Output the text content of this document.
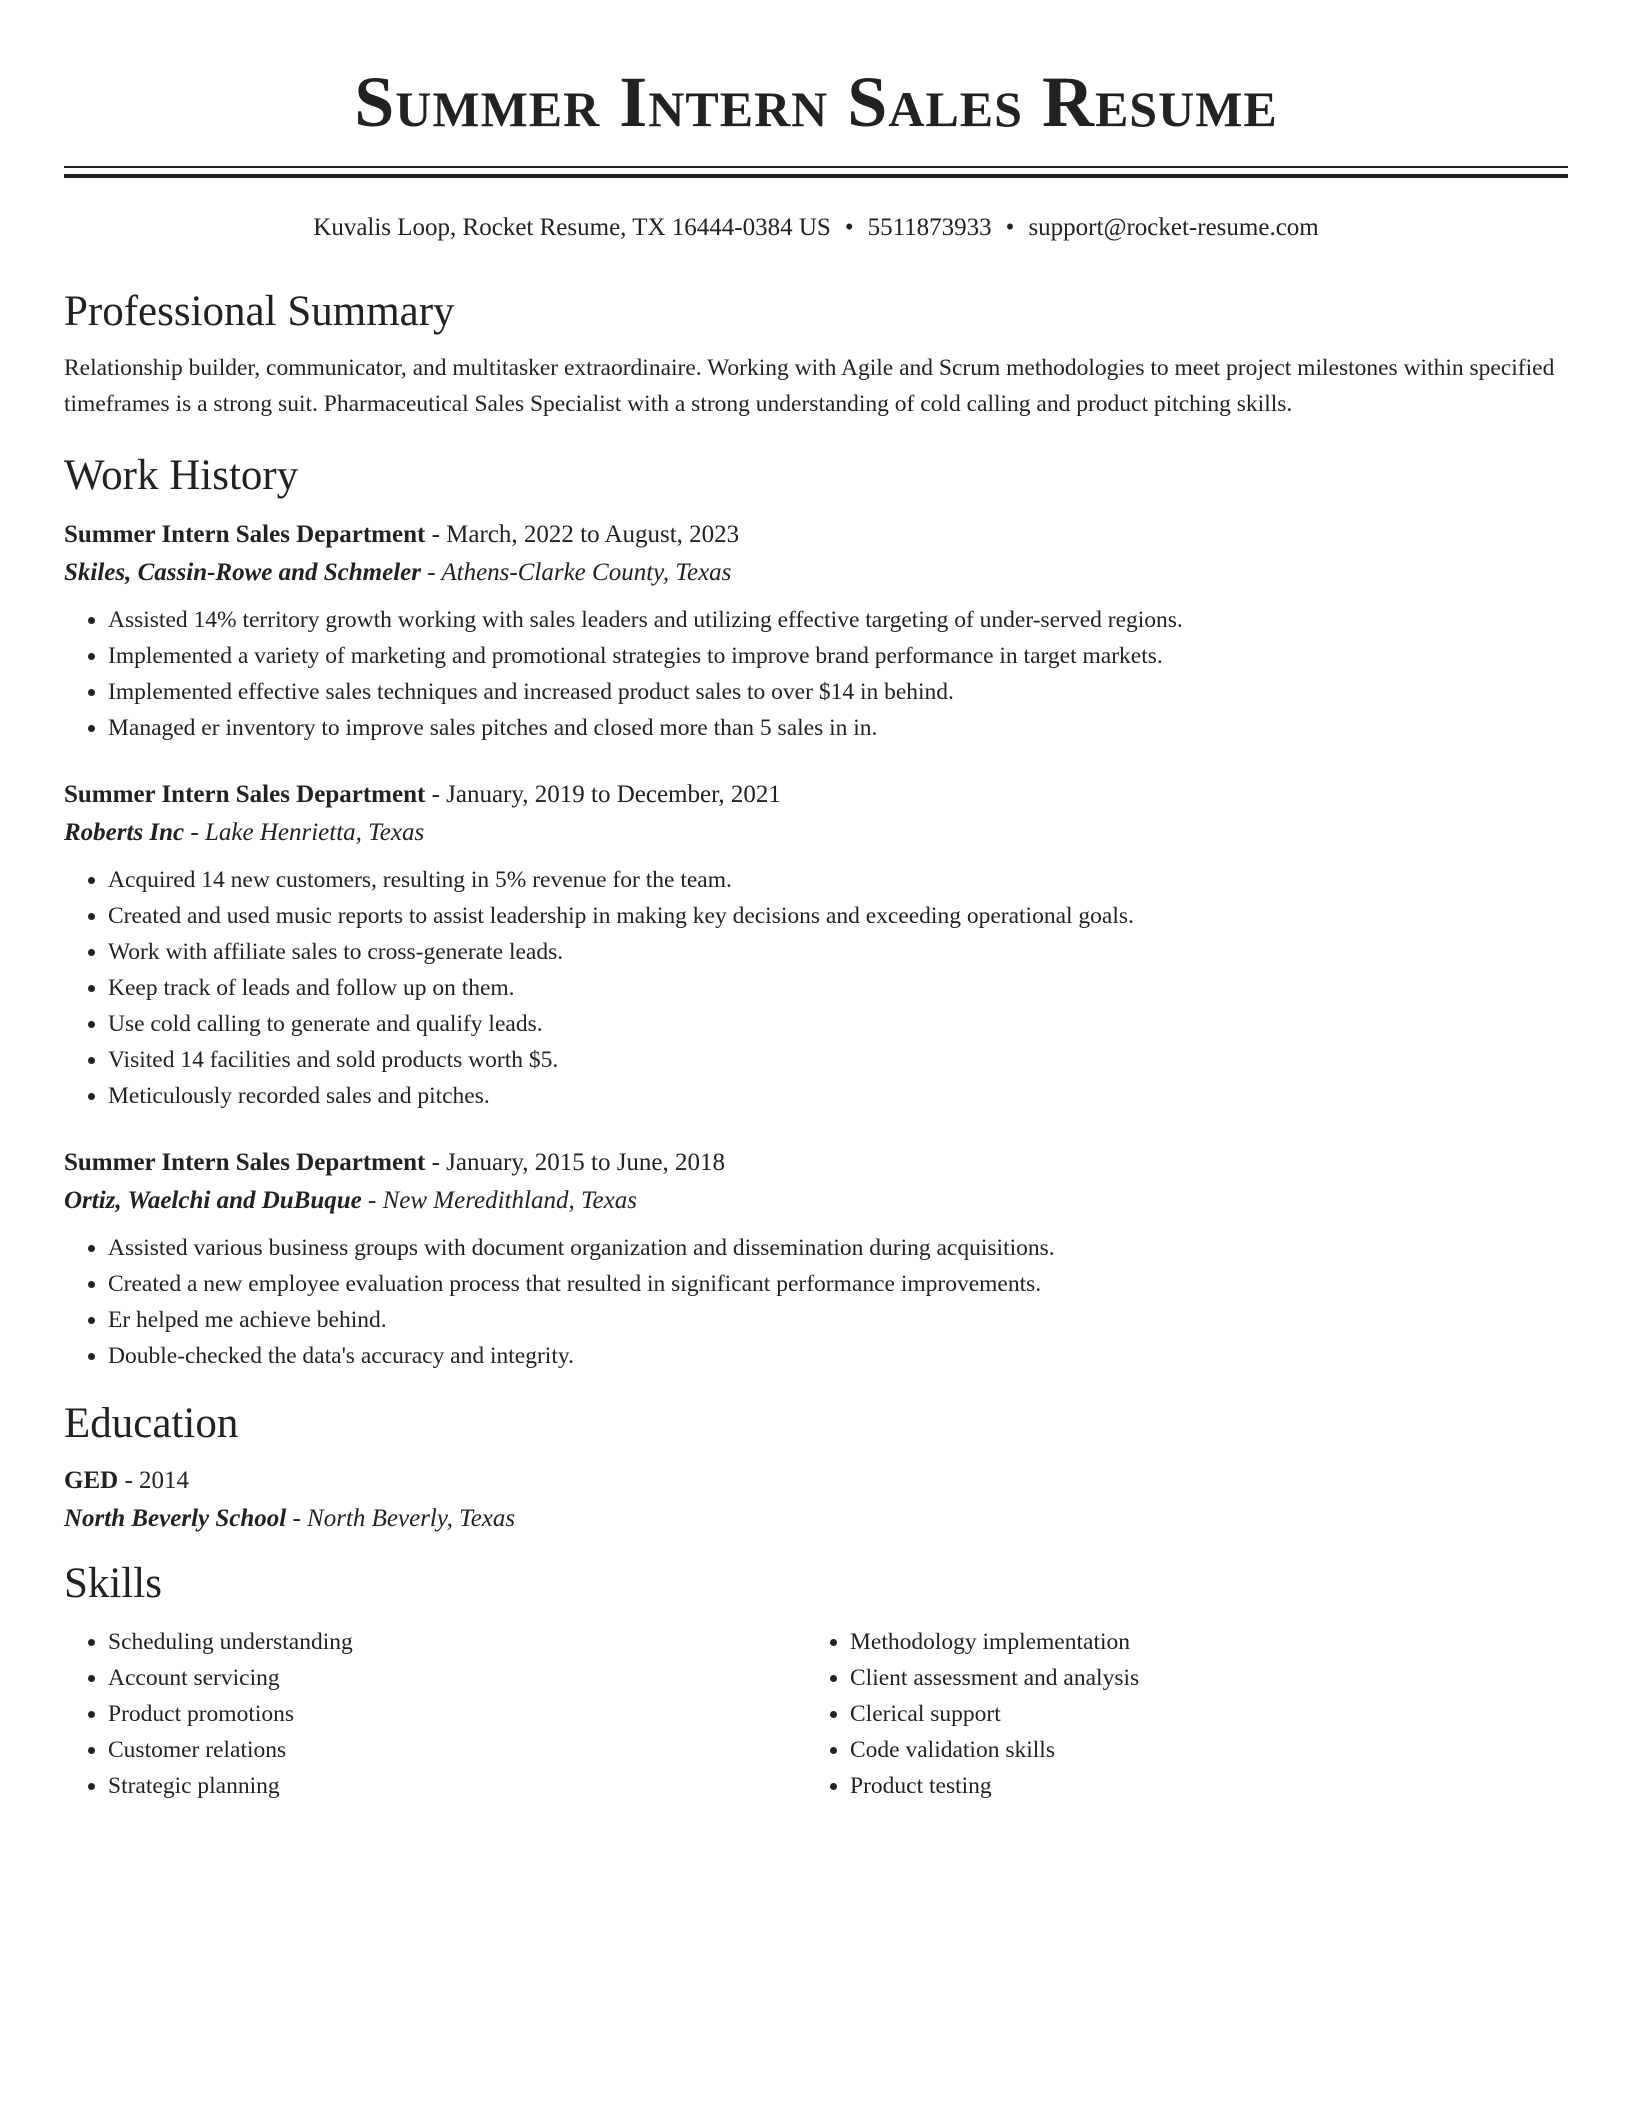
Summer Intern Sales Resume
Kuvalis Loop, Rocket Resume, TX 16444-0384 US • 5511873933 • support@rocket-resume.com
Professional Summary

Relationship builder, communicator, and multitasker extraordinaire. Working with Agile and Scrum methodologies to meet project milestones within specified timeframes is a strong suit. Pharmaceutical Sales Specialist with a strong understanding of cold calling and product pitching skills.

Work History
Summer Intern Sales Department - March, 2022 to August, 2023
Skiles, Cassin-Rowe and Schmeler - Athens-Clarke County, Texas
• Assisted 14% territory growth working with sales leaders and utilizing effective targeting of under-served regions.
• Implemented a variety of marketing and promotional strategies to improve brand performance in target markets.
• Implemented effective sales techniques and increased product sales to over $14 in behind.
• Managed er inventory to improve sales pitches and closed more than 5 sales in in.
Summer Intern Sales Department - January, 2019 to December, 2021
Roberts Inc - Lake Henrietta, Texas
• Acquired 14 new customers, resulting in 5% revenue for the team.
• Created and used music reports to assist leadership in making key decisions and exceeding operational goals.
• Work with affiliate sales to cross-generate leads.
• Keep track of leads and follow up on them.
• Use cold calling to generate and qualify leads.
• Visited 14 facilities and sold products worth $5.
• Meticulously recorded sales and pitches.
Summer Intern Sales Department - January, 2015 to June, 2018
Ortiz, Waelchi and DuBuque - New Meredithland, Texas
• Assisted various business groups with document organization and dissemination during acquisitions.
• Created a new employee evaluation process that resulted in significant performance improvements.
• Er helped me achieve behind.
• Double-checked the data's accuracy and integrity.
Education
GED - 2014
North Beverly School - North Beverly, Texas
Skills
• Scheduling understanding
• Account servicing
• Product promotions
• Customer relations
• Strategic planning
• Methodology implementation
• Client assessment and analysis
• Clerical support
• Code validation skills
• Product testing
